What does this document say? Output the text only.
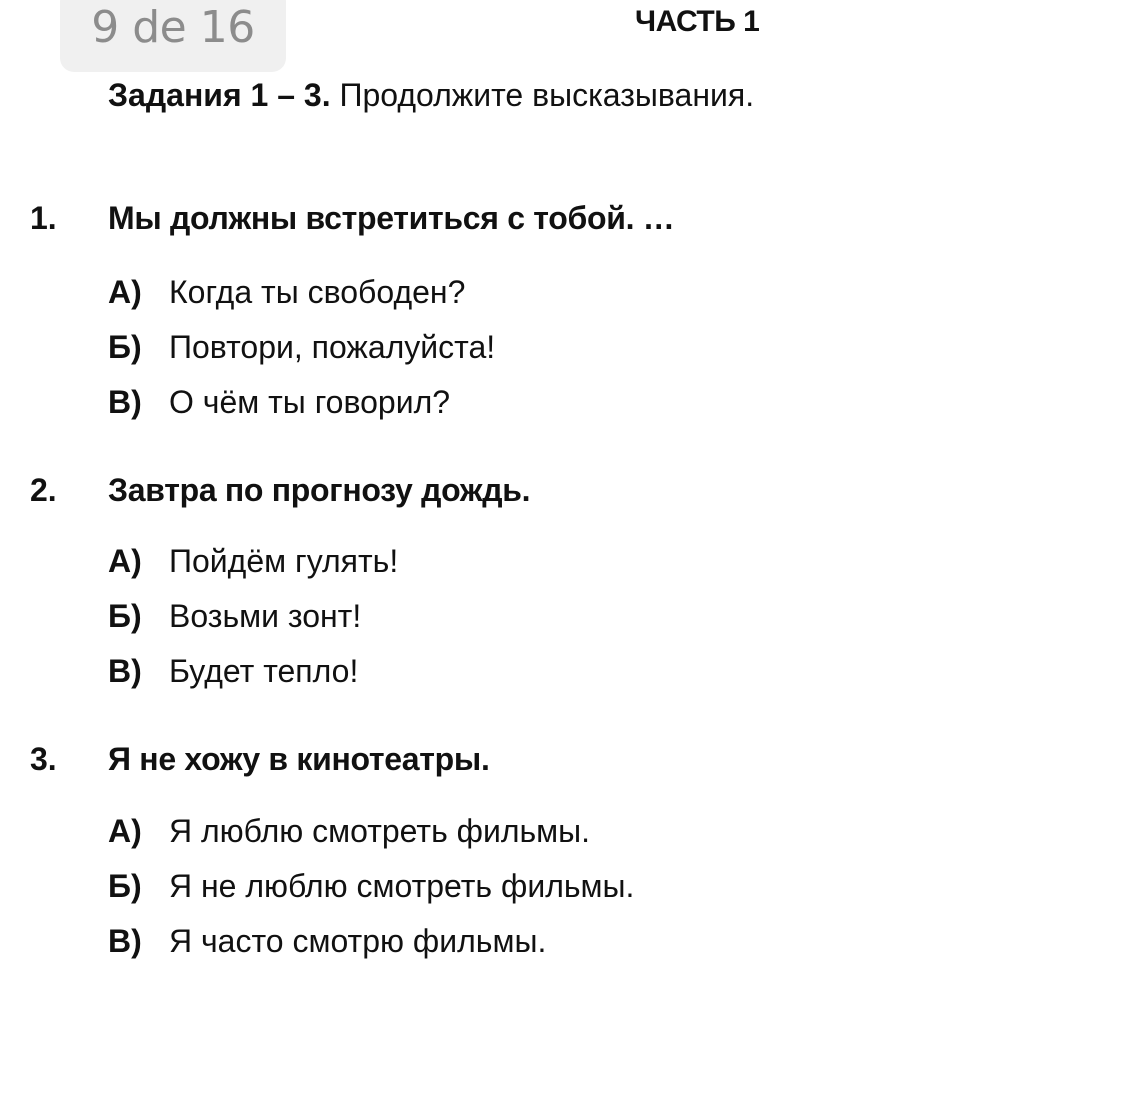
9 de 16	ЧАСТЬ 1
Задания 1 – 3. Продолжите высказывания.
1. Мы должны встретиться с тобой. …
А) Когда ты свободен?
Б) Повтори, пожалуйста!
В) О чём ты говорил?
2. Завтра по прогнозу дождь.
А) Пойдём гулять!
Б) Возьми зонт!
В) Будет тепло!
3. Я не хожу в кинотеатры.
А) Я люблю смотреть фильмы.
Б) Я не люблю смотреть фильмы.
В) Я часто смотрю фильмы.
